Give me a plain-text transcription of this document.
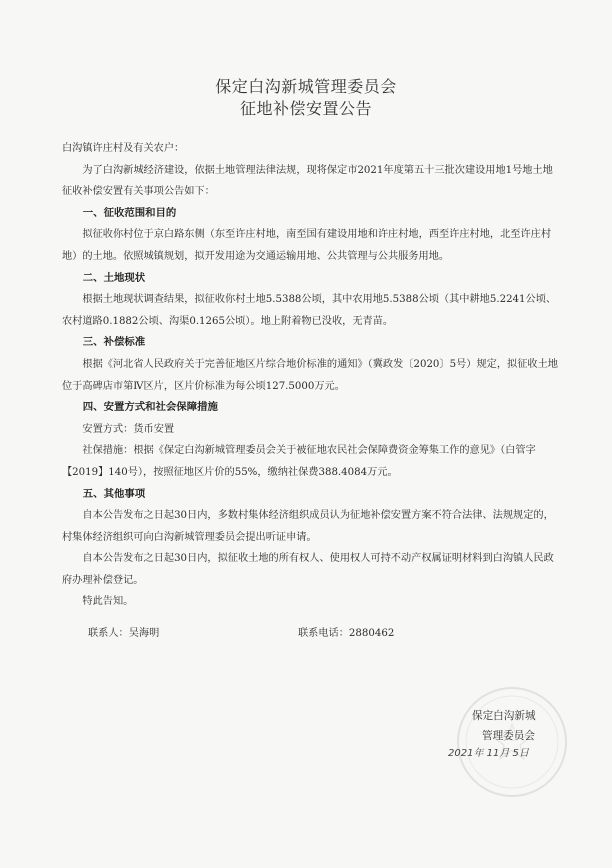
保定白沟新城管理委员会
征地补偿安置公告

白沟镇许庄村及有关农户：

为了白沟新城经济建设，依据土地管理法律法规，现将保定市2021年度第五十三批次建设用地1号地土地征收补偿安置有关事项公告如下：

一、征收范围和目的

拟征收你村位于京白路东侧（东至许庄村地，南至国有建设用地和许庄村地，西至许庄村地，北至许庄村地）的土地。依照城镇规划，拟开发用途为交通运输用地、公共管理与公共服务用地。

二、土地现状

根据土地现状调查结果，拟征收你村土地5.5388公顷，其中农用地5.5388公顷（其中耕地5.2241公顷、农村道路0.1882公顷、沟渠0.1265公顷）。地上附着物已没收，无青苗。

三、补偿标准

根据《河北省人民政府关于完善征地区片综合地价标准的通知》（冀政发〔2020〕5号）规定，拟征收土地位于高碑店市第Ⅳ区片，区片价标准为每公顷127.5000万元。

四、安置方式和社会保障措施

安置方式：货币安置

社保措施：根据《保定白沟新城管理委员会关于被征地农民社会保障费资金筹集工作的意见》（白管字【2019】140号），按照征地区片价的55%，缴纳社保费388.4084万元。

五、其他事项

自本公告发布之日起30日内，多数村集体经济组织成员认为征地补偿安置方案不符合法律、法规规定的，村集体经济组织可向白沟新城管理委员会提出听证申请。

自本公告发布之日起30日内，拟征收土地的所有权人、使用权人可持不动产权属证明材料到白沟镇人民政府办理补偿登记。

特此告知。

联系人：吴海明	联系电话：2880462
保定白沟新城
管理委员会
2021年 11月 5日
